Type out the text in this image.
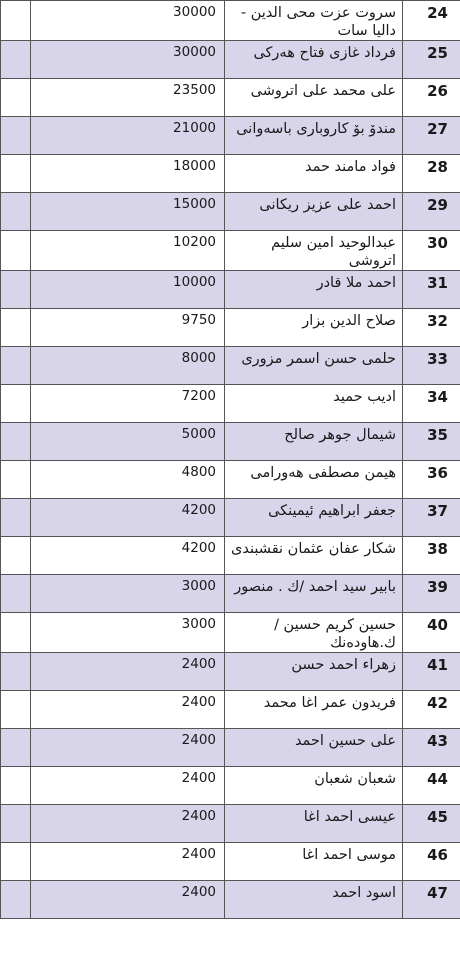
	30000	سروت عزت محی الدین - دالیا سات	24
	30000	فرداد غازی فتاح هەرکی	25
	23500	علی محمد علی اتروشی	26
	21000	مندۆ بۆ کاروباری باسەوانی	27
	18000	فواد مامند حمد	28
	15000	احمد علی عزیز ریکانی	29
	10200	عبدالوحید امین سلیم اتروشی	30
	10000	احمد ملا قادر	31
	9750	صلاح الدین بزار	32
	8000	حلمی حسن اسمر مزوری	33
	7200	ادیب حمید	34
	5000	شیمال جوهر صالح	35
	4800	هیمن مصطفی هەورامی	36
	4200	جعفر ابراهیم ئیمینکی	37
	4200	شکار عفان عثمان نقشبندی	38
	3000	بابیر سید احمد /ك . منصور	39
	3000	حسین کریم حسین /ك.هاودەنك	40
	2400	زهراء احمد حسن	41
	2400	فریدون عمر اغا محمد	42
	2400	علی حسین احمد	43
	2400	شعبان شعبان	44
	2400	عیسی احمد اغا	45
	2400	موسی احمد اغا	46
	2400	اسود احمد	47
